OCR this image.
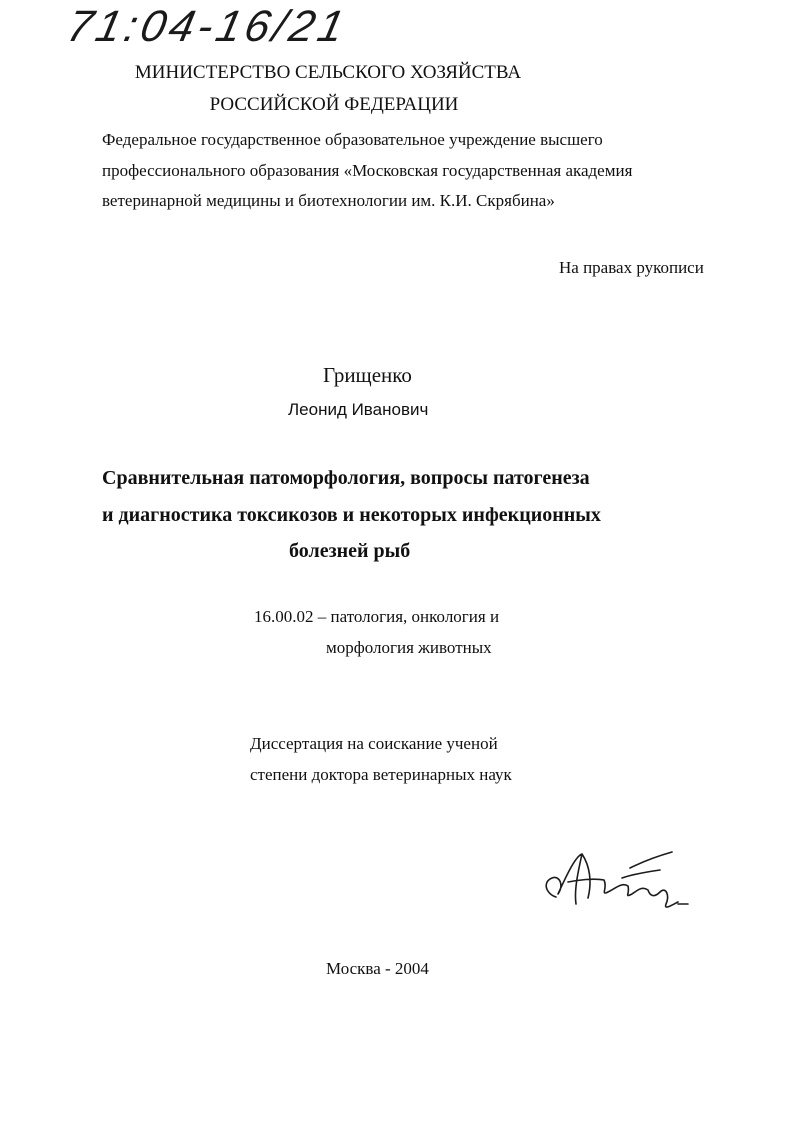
71:04-16/21
МИНИСТЕРСТВО СЕЛЬСКОГО ХОЗЯЙСТВА
РОССИЙСКОЙ ФЕДЕРАЦИИ
Федеральное государственное образовательное учреждение высшего
профессионального образования «Московская государственная академия
ветеринарной медицины и биотехнологии им. К.И. Скрябина»
На правах рукописи
Грищенко
Леонид Иванович
Сравнительная патоморфология, вопросы патогенеза
и диагностика токсикозов и некоторых инфекционных
болезней рыб
16.00.02 – патология, онкология и
морфология животных
Диссертация на соискание ученой
степени доктора ветеринарных наук
Москва - 2004
